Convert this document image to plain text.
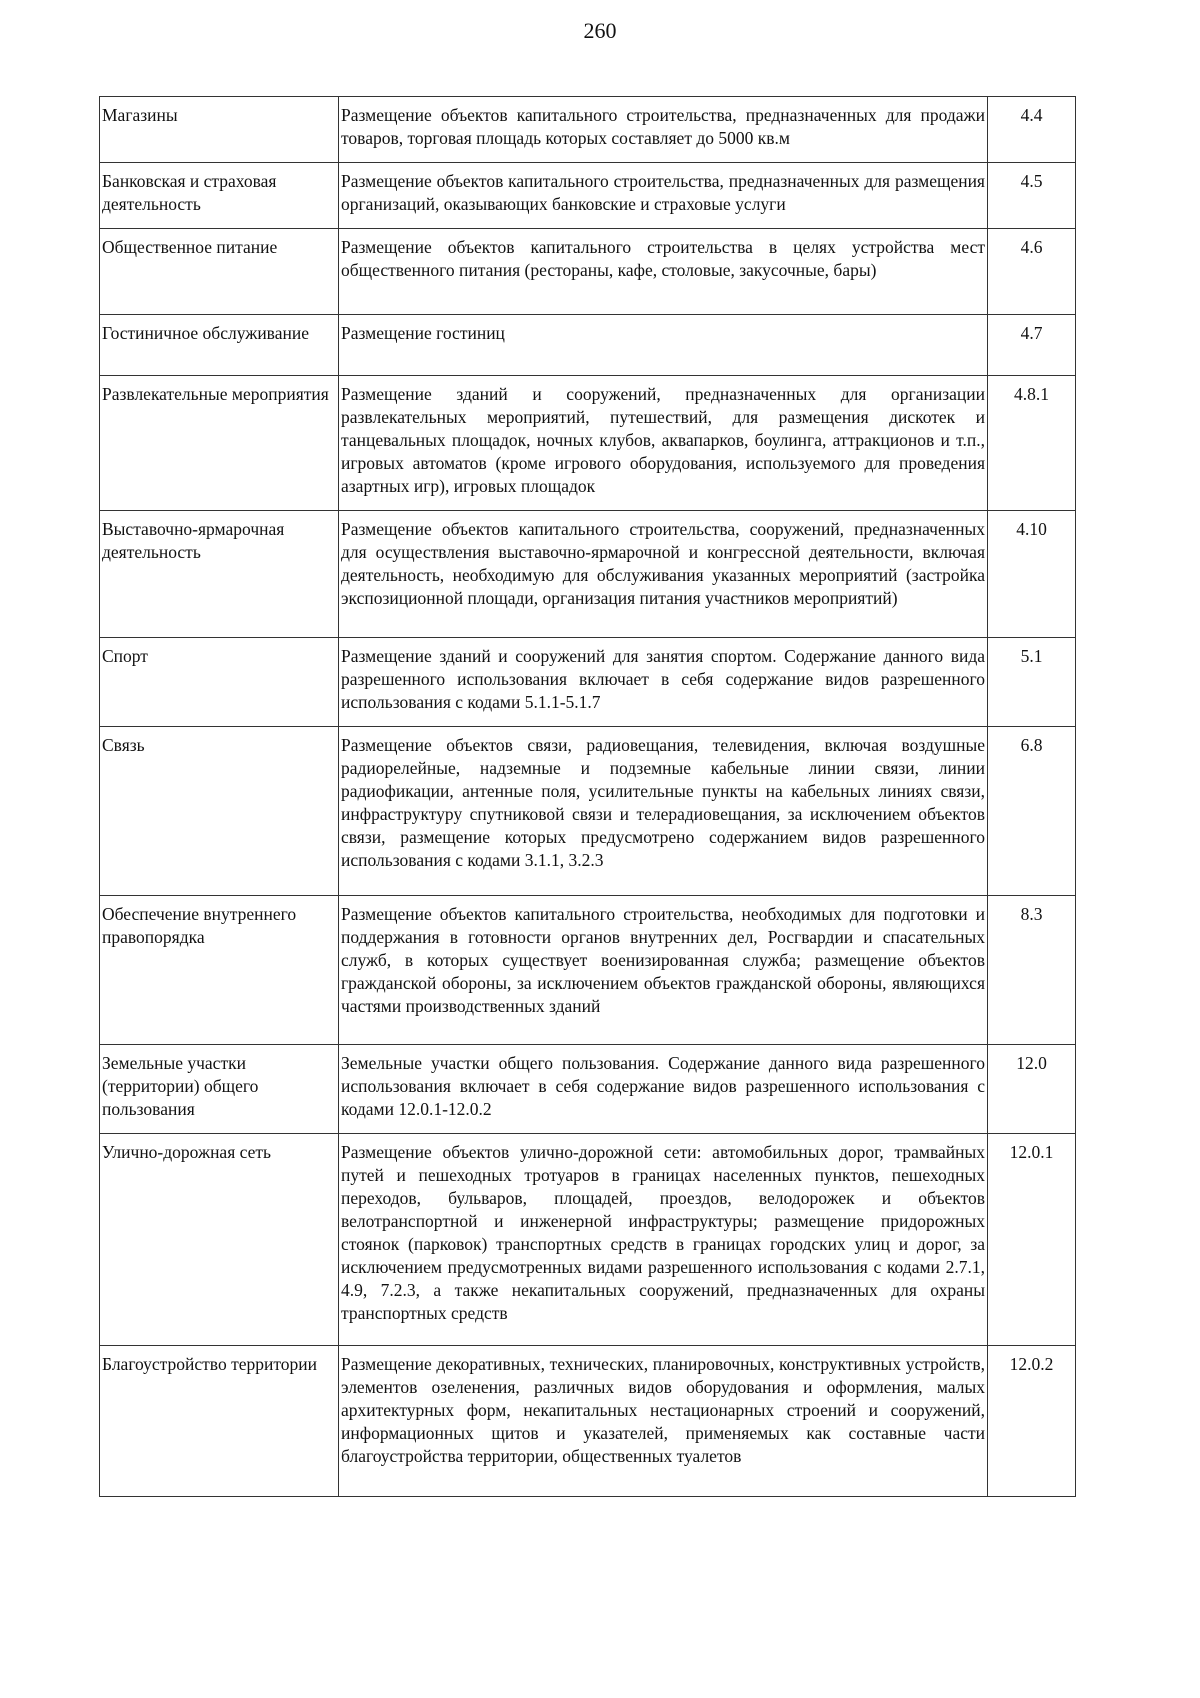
260
Магазины	Размещение объектов капитального строительства, предназначенных для продажи товаров, торговая площадь которых составляет до 5000 кв.м	4.4
Банковская и страховая деятельность	Размещение объектов капитального строительства, предназначенных для размещения организаций, оказывающих банковские и страховые услуги	4.5
Общественное питание	Размещение объектов капитального строительства в целях устройства мест общественного питания (рестораны, кафе, столовые, закусочные, бары)	4.6
Гостиничное обслуживание	Размещение гостиниц	4.7
Развлекательные мероприятия	Размещение зданий и сооружений, предназначенных для организации развлекательных мероприятий, путешествий, для размещения дискотек и танцевальных площадок, ночных клубов, аквапарков, боулинга, аттракционов и т.п., игровых автоматов (кроме игрового оборудования, используемого для проведения азартных игр), игровых площадок	4.8.1
Выставочно-ярмарочная деятельность	Размещение объектов капитального строительства, сооружений, предназначенных для осуществления выставочно-ярмарочной и конгрессной деятельности, включая деятельность, необходимую для обслуживания указанных мероприятий (застройка экспозиционной площади, организация питания участников мероприятий)	4.10
Спорт	Размещение зданий и сооружений для занятия спортом. Содержание данного вида разрешенного использования включает в себя содержание видов разрешенного использования с кодами 5.1.1-5.1.7	5.1
Связь	Размещение объектов связи, радиовещания, телевидения, включая воздушные радиорелейные, надземные и подземные кабельные линии связи, линии радиофикации, антенные поля, усилительные пункты на кабельных линиях связи, инфраструктуру спутниковой связи и телерадиовещания, за исключением объектов связи, размещение которых предусмотрено содержанием видов разрешенного использования с кодами 3.1.1, 3.2.3	6.8
Обеспечение внутреннего правопорядка	Размещение объектов капитального строительства, необходимых для подготовки и поддержания в готовности органов внутренних дел, Росгвардии и спасательных служб, в которых существует военизированная служба; размещение объектов гражданской обороны, за исключением объектов гражданской обороны, являющихся частями производственных зданий	8.3
Земельные участки (территории) общего пользования	Земельные участки общего пользования. Содержание данного вида разрешенного использования включает в себя содержание видов разрешенного использования с кодами 12.0.1-12.0.2	12.0
Улично-дорожная сеть	Размещение объектов улично-дорожной сети: автомобильных дорог, трамвайных путей и пешеходных тротуаров в границах населенных пунктов, пешеходных переходов, бульваров, площадей, проездов, велодорожек и объектов велотранспортной и инженерной инфраструктуры; размещение придорожных стоянок (парковок) транспортных средств в границах городских улиц и дорог, за исключением предусмотренных видами разрешенного использования с кодами 2.7.1, 4.9, 7.2.3, а также некапитальных сооружений, предназначенных для охраны транспортных средств	12.0.1
Благоустройство территории	Размещение декоративных, технических, планировочных, конструктивных устройств, элементов озеленения, различных видов оборудования и оформления, малых архитектурных форм, некапитальных нестационарных строений и сооружений, информационных щитов и указателей, применяемых как составные части благоустройства территории, общественных туалетов	12.0.2
